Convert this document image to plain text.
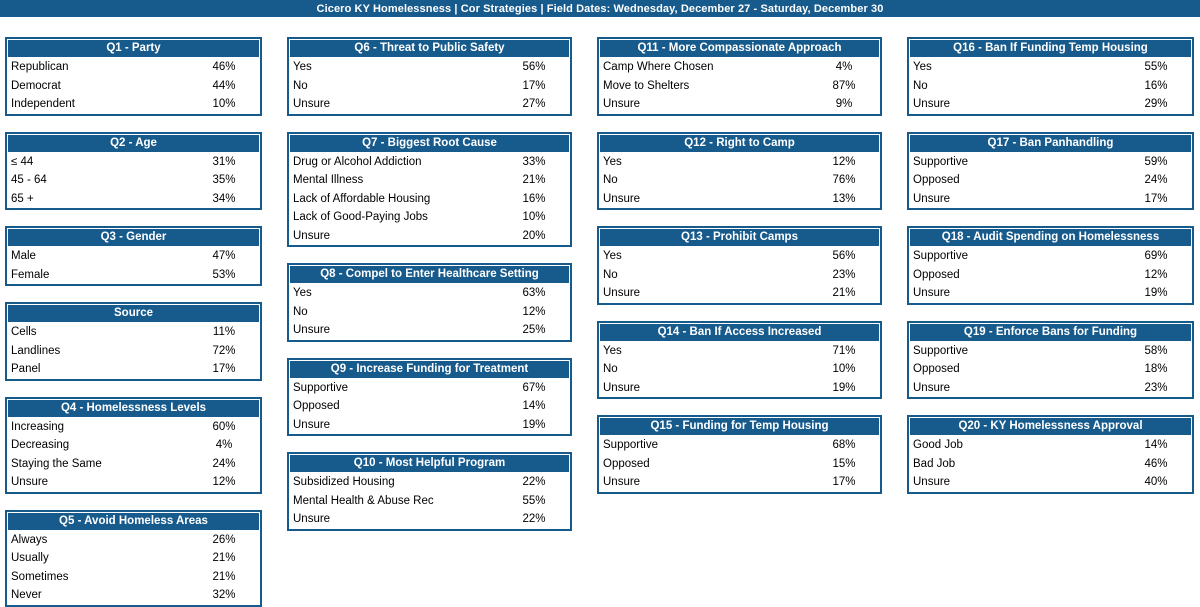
Cicero KY Homelessness | Cor Strategies | Field Dates: Wednesday, December 27 - Saturday, December 30
Q1 - Party
Republican	46%
Democrat	44%
Independent	10%
Q2 - Age
≤ 44	31%
45 - 64	35%
65 +	34%
Q3 - Gender
Male	47%
Female	53%
Source
Cells	11%
Landlines	72%
Panel	17%
Q4 - Homelessness Levels
Increasing	60%
Decreasing	4%
Staying the Same	24%
Unsure	12%
Q5 - Avoid Homeless Areas
Always	26%
Usually	21%
Sometimes	21%
Never	32%
Q6 - Threat to Public Safety
Yes	56%
No	17%
Unsure	27%
Q7 - Biggest Root Cause
Drug or Alcohol Addiction	33%
Mental Illness	21%
Lack of Affordable Housing	16%
Lack of Good-Paying Jobs	10%
Unsure	20%
Q8 - Compel to Enter Healthcare Setting
Yes	63%
No	12%
Unsure	25%
Q9 - Increase Funding for Treatment
Supportive	67%
Opposed	14%
Unsure	19%
Q10 - Most Helpful Program
Subsidized Housing	22%
Mental Health & Abuse Rec	55%
Unsure	22%
Q11 - More Compassionate Approach
Camp Where Chosen	4%
Move to Shelters	87%
Unsure	9%
Q12 - Right to Camp
Yes	12%
No	76%
Unsure	13%
Q13 - Prohibit Camps
Yes	56%
No	23%
Unsure	21%
Q14 - Ban If Access Increased
Yes	71%
No	10%
Unsure	19%
Q15 - Funding for Temp Housing
Supportive	68%
Opposed	15%
Unsure	17%
Q16 - Ban If Funding Temp Housing
Yes	55%
No	16%
Unsure	29%
Q17 - Ban Panhandling
Supportive	59%
Opposed	24%
Unsure	17%
Q18 - Audit Spending on Homelessness
Supportive	69%
Opposed	12%
Unsure	19%
Q19 - Enforce Bans for Funding
Supportive	58%
Opposed	18%
Unsure	23%
Q20 - KY Homelessness Approval
Good Job	14%
Bad Job	46%
Unsure	40%
